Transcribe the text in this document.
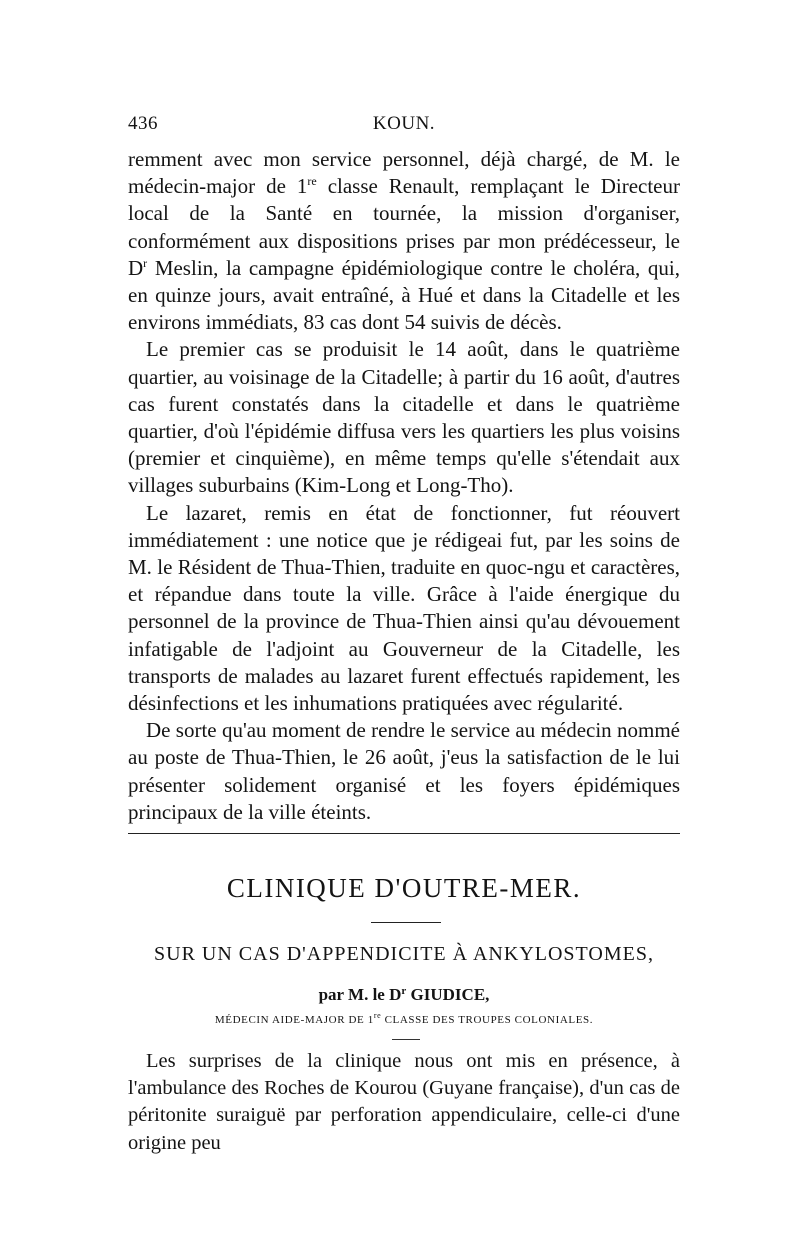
436	KOUN.

remment avec mon service personnel, déjà chargé, de M. le médecin-major de 1re classe Renault, remplaçant le Directeur local de la Santé en tournée, la mission d'organiser, conformément aux dispositions prises par mon prédécesseur, le $D^r$ Meslin, la campagne épidémiologique contre le choléra, qui, en quinze jours, avait entraîné, à Hué et dans la Citadelle et les environs immédiats, 83 cas dont 54 suivis de décès.

Le premier cas se produisit le 14 août, dans le quatrième quartier, au voisinage de la Citadelle; à partir du 16 août, d'autres cas furent constatés dans la citadelle et dans le quatrième quartier, d'où l'épidémie diffusa vers les quartiers les plus voisins (premier et cinquième), en même temps qu'elle s'étendait aux villages suburbains (Kim-Long et Long-Tho).

Le lazaret, remis en état de fonctionner, fut réouvert immédiatement : une notice que je rédigeai fut, par les soins de M. le Résident de Thua-Thien, traduite en quoc-ngu et caractères, et répandue dans toute la ville. Grâce à l'aide énergique du personnel de la province de Thua-Thien ainsi qu'au dévouement infatigable de l'adjoint au Gouverneur de la Citadelle, les transports de malades au lazaret furent effectués rapidement, les désinfections et les inhumations pratiquées avec régularité.

De sorte qu'au moment de rendre le service au médecin nommé au poste de Thua-Thien, le 26 août, j'eus la satisfaction de le lui présenter solidement organisé et les foyers épidémiques principaux de la ville éteints.

CLINIQUE D'OUTRE-MER.
SUR UN CAS D'APPENDICITE À ANKYLOSTOMES,
par M. le $D^r$ GIUDICE,
MÉDECIN AIDE-MAJOR DE 1re CLASSE DES TROUPES COLONIALES.

Les surprises de la clinique nous ont mis en présence, à l'ambulance des Roches de Kourou (Guyane française), d'un cas de péritonite suraiguë par perforation appendiculaire, celle-ci d'une origine peu
